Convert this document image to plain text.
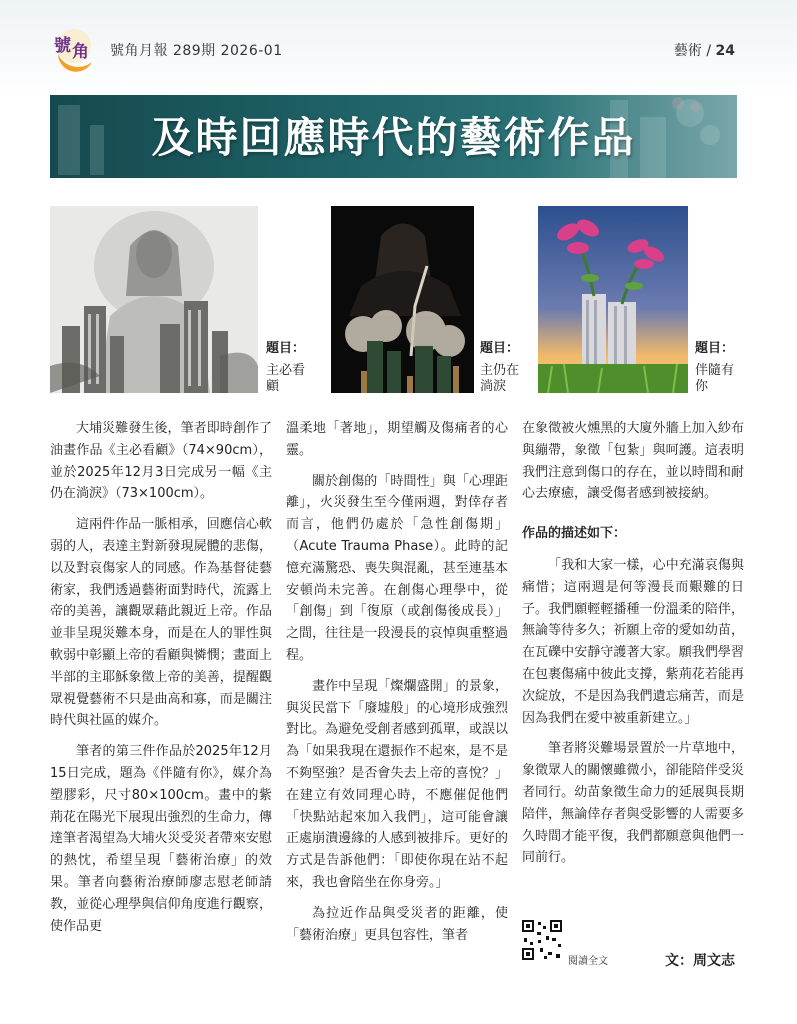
號 角 號角月報 289期 2026-01	藝術 / 24
及時回應時代的藝術作品
題目：
主必看顧
題目：
主仍在淌淚
題目：
伴隨有你

大埔災難發生後，筆者即時創作了油畫作品《主必看顧》（74×90cm），並於2025年12月3日完成另一幅《主仍在淌淚》（73×100cm）。

這兩件作品一脈相承，回應信心軟弱的人，表達主對新發現屍體的悲傷，以及對哀傷家人的同感。作為基督徒藝術家，我們透過藝術面對時代，流露上帝的美善，讓觀眾藉此親近上帝。作品並非呈現災難本身，而是在人的罪性與軟弱中彰顯上帝的看顧與憐憫；畫面上半部的主耶穌象徵上帝的美善，提醒觀眾視覺藝術不只是曲高和寡，而是關注時代與社區的媒介。

筆者的第三件作品於2025年12月15日完成，題為《伴隨有你》，媒介為塑膠彩，尺寸80×100cm。畫中的紫荊花在陽光下展現出強烈的生命力，傳達筆者渴望為大埔火災受災者帶來安慰的熱忱，希望呈現「藝術治療」的效果。筆者向藝術治療師廖志慰老師請教，並從心理學與信仰角度進行觀察，使作品更

溫柔地「著地」，期望觸及傷痛者的心靈。

關於創傷的「時間性」與「心理距離」，火災發生至今僅兩週，對倖存者而言，他們仍處於「急性創傷期」（Acute Trauma Phase）。此時的記憶充滿驚恐、喪失與混亂，甚至連基本安頓尚未完善。在創傷心理學中，從「創傷」到「復原（或創傷後成長）」之間，往往是一段漫長的哀悼與重整過程。

畫作中呈現「燦爛盛開」的景象，與災民當下「廢墟般」的心境形成強烈對比。為避免受創者感到孤單，或誤以為「如果我現在還振作不起來，是不是不夠堅強？是否會失去上帝的喜悅？」在建立有效同理心時，不應催促他們「快點站起來加入我們」，這可能會讓正處崩潰邊緣的人感到被排斥。更好的方式是告訴他們：「即使你現在站不起來，我也會陪坐在你身旁。」

為拉近作品與受災者的距離，使「藝術治療」更具包容性，筆者

在象徵被火燻黑的大廈外牆上加入紗布與繃帶，象徵「包紮」與呵護。這表明我們注意到傷口的存在，並以時間和耐心去療癒，讓受傷者感到被接納。

作品的描述如下：

「我和大家一樣，心中充滿哀傷與痛惜；這兩週是何等漫長而艱難的日子。我們願輕輕播種一份溫柔的陪伴，無論等待多久；祈願上帝的愛如幼苗，在瓦礫中安靜守護著大家。願我們學習在包裹傷痛中彼此支撐，紫荊花若能再次綻放，不是因為我們遺忘痛苦，而是因為我們在愛中被重新建立。」

筆者將災難場景置於一片草地中，象徵眾人的關懷雖微小，卻能陪伴受災者同行。幼苗象徵生命力的延展與長期陪伴，無論倖存者與受影響的人需要多久時間才能平復，我們都願意與他們一同前行。

閱讀全文	文：周文志
